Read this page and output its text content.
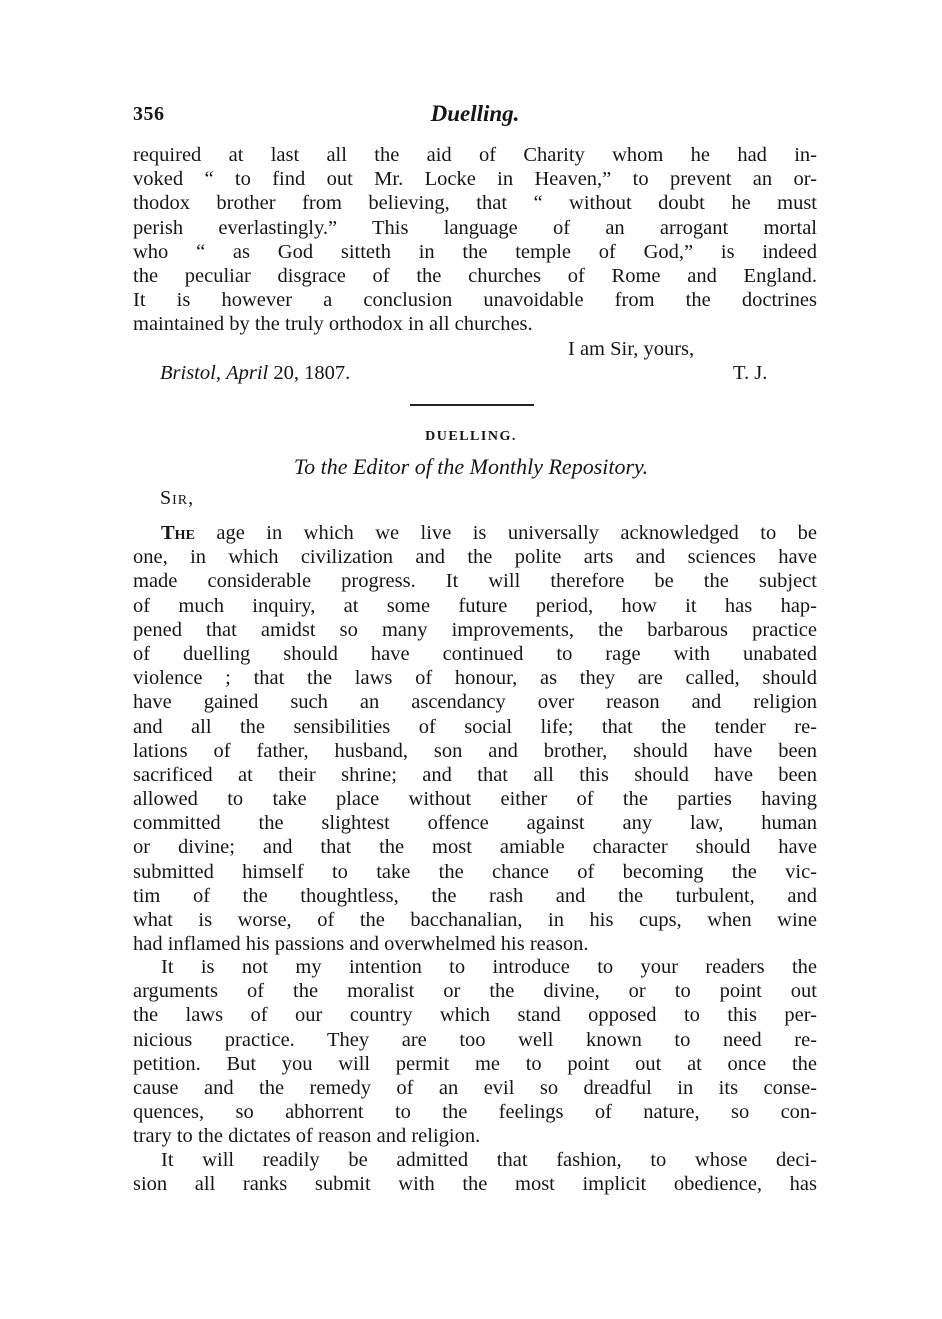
356	Duelling.
required at last all the aid of Charity whom he had in-
voked “ to find out Mr. Locke in Heaven,” to prevent an or-
thodox brother from believing, that “ without doubt he must
perish everlastingly.” This language of an arrogant mortal
who “ as God sitteth in the temple of God,” is indeed
the peculiar disgrace of the churches of Rome and England.
It is however a conclusion unavoidable from the doctrines
maintained by the truly orthodox in all churches.
I am Sir, yours,
Bristol, April 20, 1807.	T. J.
DUELLING.
To the Editor of the Monthly Repository.
Sir,
The age in which we live is universally acknowledged to be
one, in which civilization and the polite arts and sciences have
made considerable progress. It will therefore be the subject
of much inquiry, at some future period, how it has hap-
pened that amidst so many improvements, the barbarous practice
of duelling should have continued to rage with unabated
violence ; that the laws of honour, as they are called, should
have gained such an ascendancy over reason and religion
and all the sensibilities of social life; that the tender re-
lations of father, husband, son and brother, should have been
sacrificed at their shrine; and that all this should have been
allowed to take place without either of the parties having
committed the slightest offence against any law, human
or divine; and that the most amiable character should have
submitted himself to take the chance of becoming the vic-
tim of the thoughtless, the rash and the turbulent, and
what is worse, of the bacchanalian, in his cups, when wine
had inflamed his passions and overwhelmed his reason.
It is not my intention to introduce to your readers the
arguments of the moralist or the divine, or to point out
the laws of our country which stand opposed to this per-
nicious practice. They are too well known to need re-
petition. But you will permit me to point out at once the
cause and the remedy of an evil so dreadful in its conse-
quences, so abhorrent to the feelings of nature, so con-
trary to the dictates of reason and religion.
It will readily be admitted that fashion, to whose deci-
sion all ranks submit with the most implicit obedience, has
